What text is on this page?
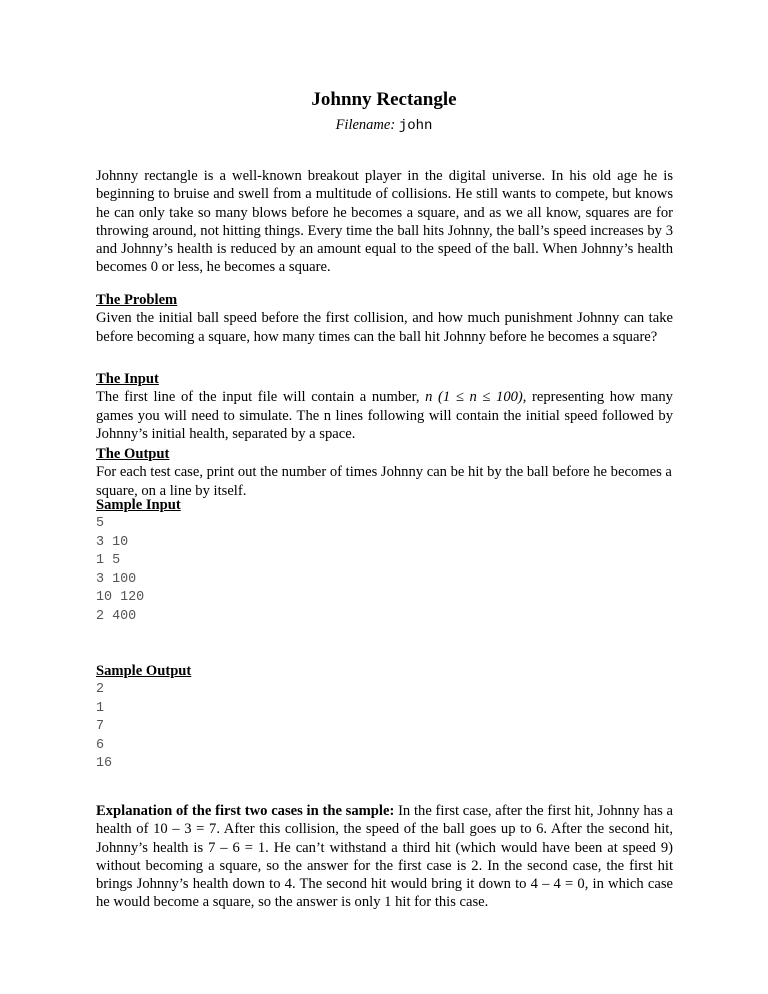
Johnny Rectangle
Filename: john

Johnny rectangle is a well-known breakout player in the digital universe. In his old age he is beginning to bruise and swell from a multitude of collisions. He still wants to compete, but knows he can only take so many blows before he becomes a square, and as we all know, squares are for throwing around, not hitting things. Every time the ball hits Johnny, the ball’s speed increases by 3 and Johnny’s health is reduced by an amount equal to the speed of the ball. When Johnny’s health becomes 0 or less, he becomes a square.

The Problem

Given the initial ball speed before the first collision, and how much punishment Johnny can take before becoming a square, how many times can the ball hit Johnny before he becomes a square?

The Input

The first line of the input file will contain a number, n (1 ≤ n ≤ 100), representing how many games you will need to simulate. The n lines following will contain the initial speed followed by Johnny’s initial health, separated by a space.

The Output

For each test case, print out the number of times Johnny can be hit by the ball before he becomes a square, on a line by itself.

Sample Input
5
3 10
1 5
3 100
10 120
2 400
Sample Output
2
1
7
6
16

Explanation of the first two cases in the sample: In the first case, after the first hit, Johnny has a health of 10 – 3 = 7. After this collision, the speed of the ball goes up to 6. After the second hit, Johnny’s health is 7 – 6 = 1. He can’t withstand a third hit (which would have been at speed 9) without becoming a square, so the answer for the first case is 2. In the second case, the first hit brings Johnny’s health down to 4. The second hit would bring it down to 4 – 4 = 0, in which case he would become a square, so the answer is only 1 hit for this case.
